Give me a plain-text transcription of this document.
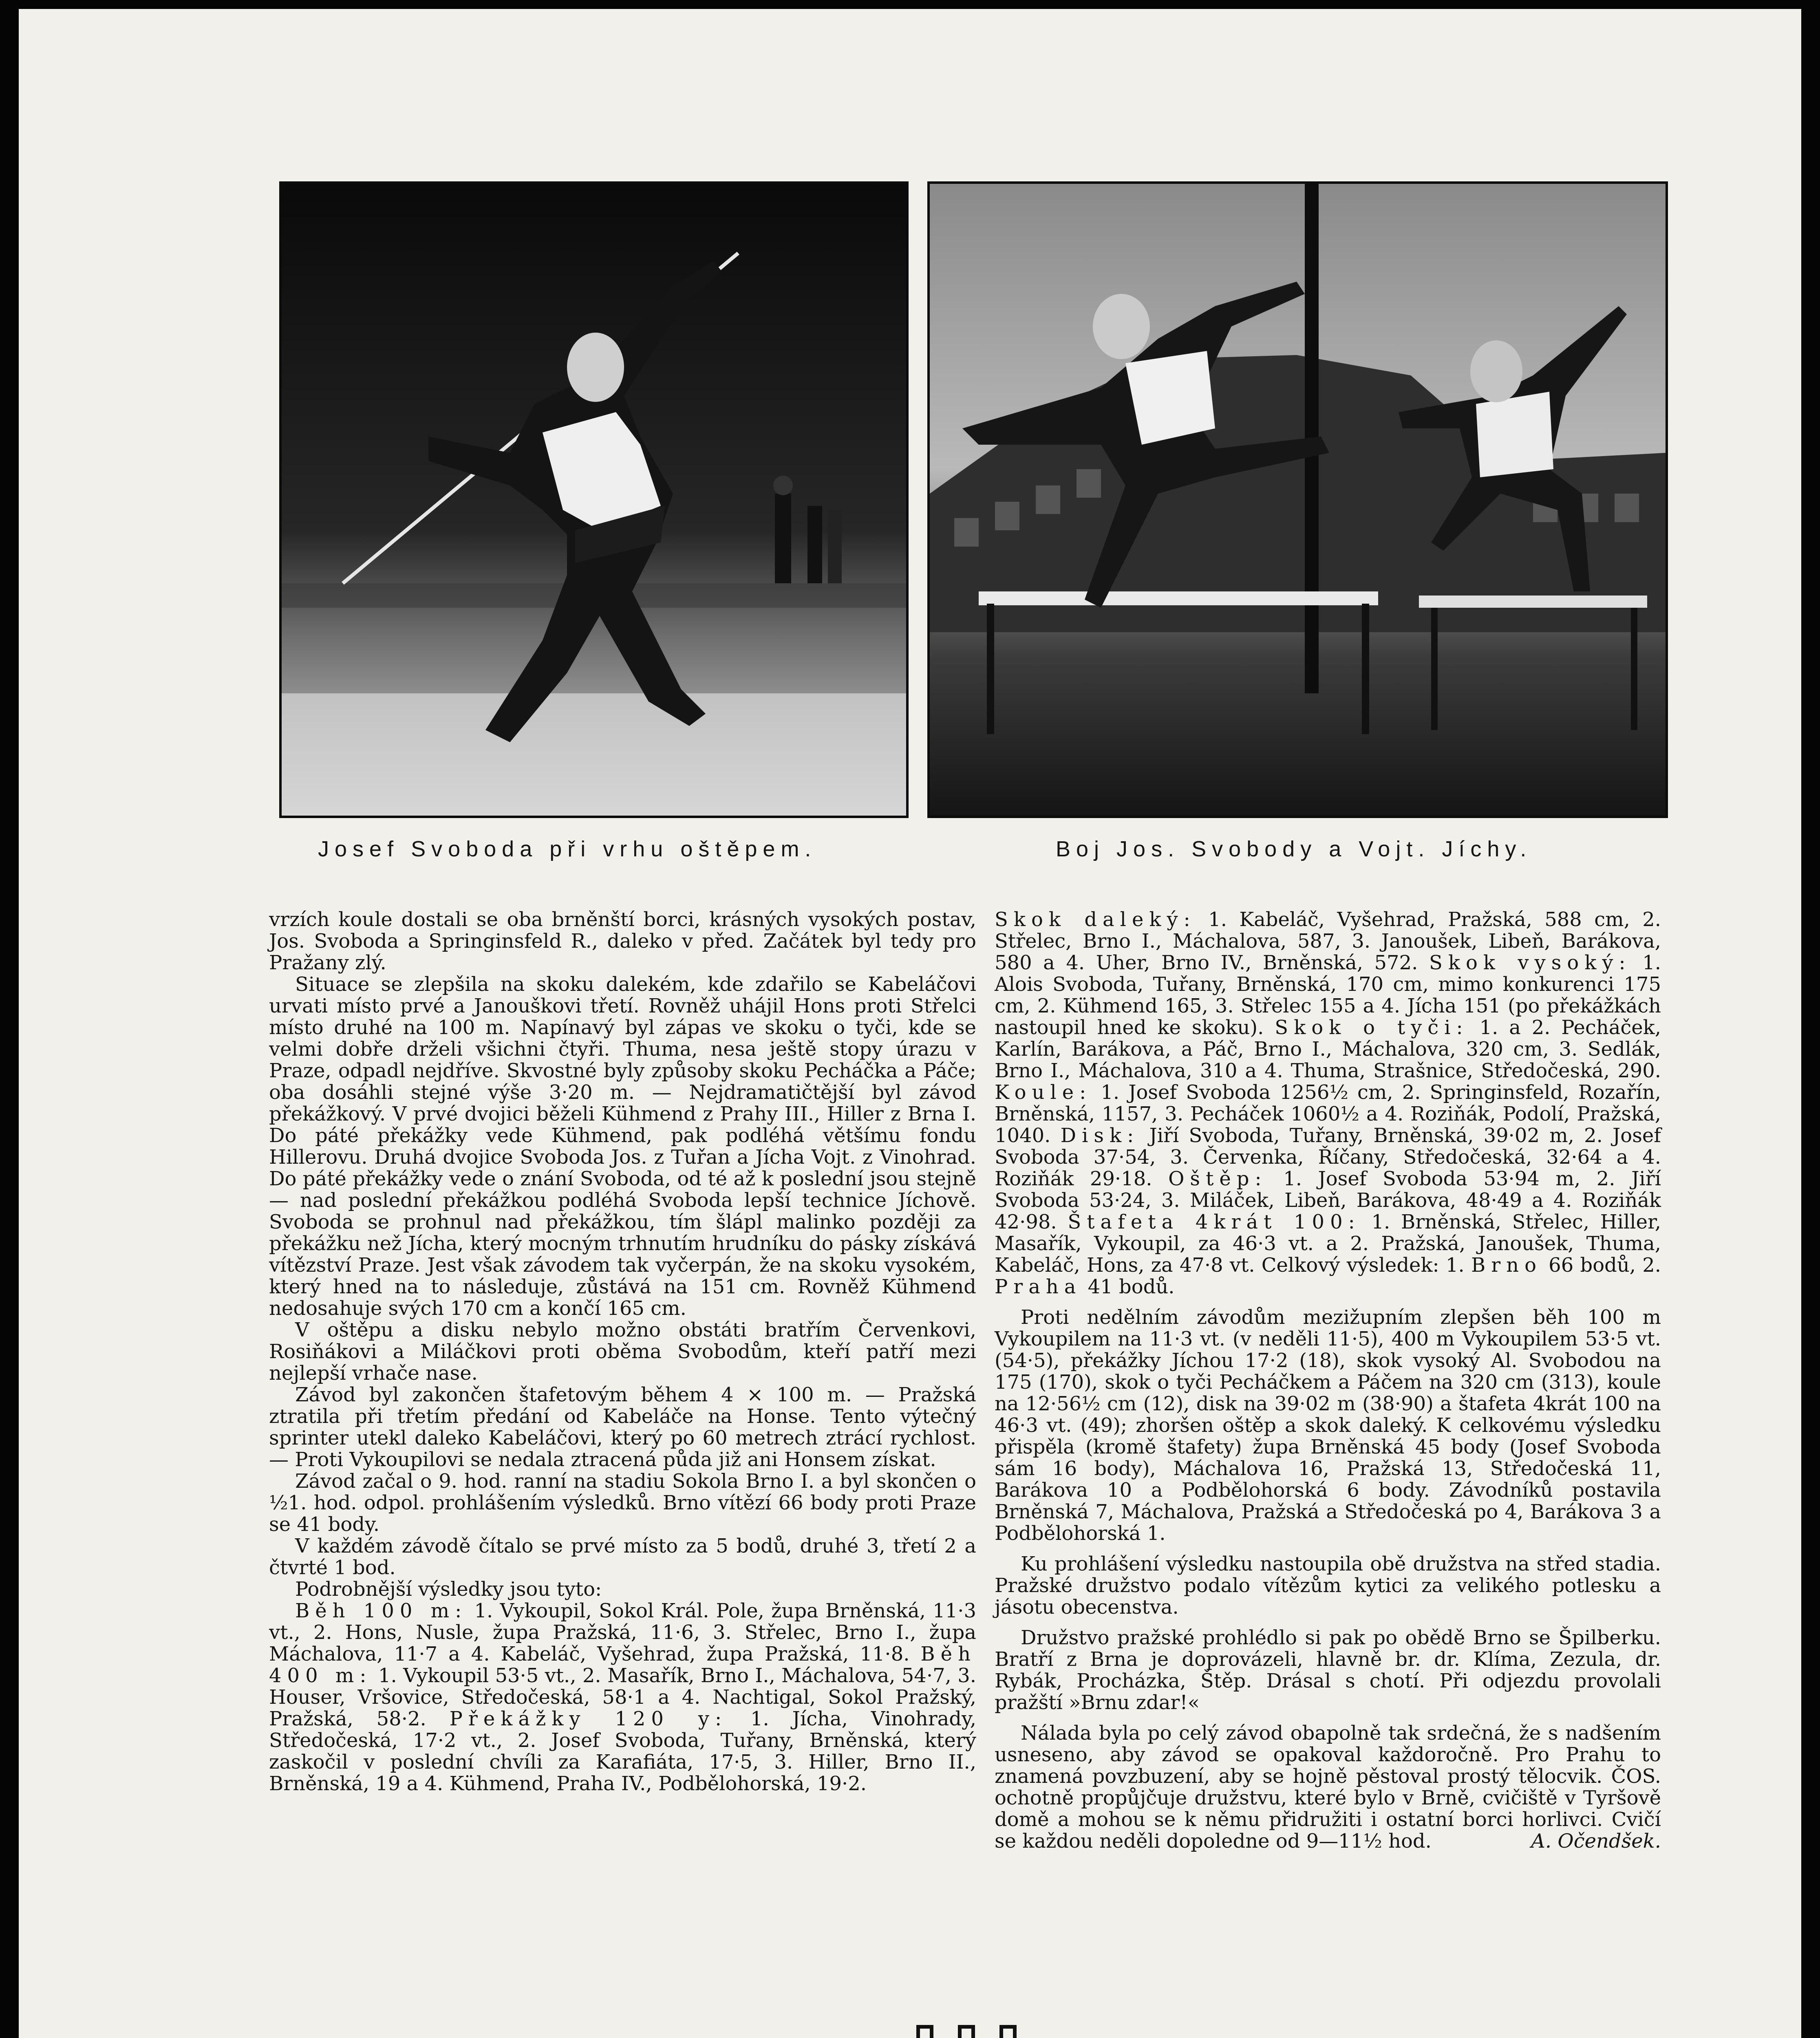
Josef Svoboda při vrhu oštěpem.	Boj Jos. Svobody a Vojt. Jíchy.

vrzích koule dostali se oba brněnští borci, krásných vysokých postav, Jos. Svoboda a Springinsfeld R., daleko v před. Začátek byl tedy pro Pražany zlý.

Situace se zlepšila na skoku dalekém, kde zdařilo se Kabeláčovi urvati místo prvé a Janouškovi třetí. Rovněž uhájil Hons proti Střelci místo druhé na 100 m. Napínavý byl zápas ve skoku o tyči, kde se velmi dobře drželi všichni čtyři. Thuma, nesa ještě stopy úrazu v Praze, odpadl nejdříve. Skvostné byly způsoby skoku Pecháčka a Páče; oba dosáhli stejné výše 3·20 m. — Nejdramatičtější byl závod překážkový. V prvé dvojici běželi Kühmend z Prahy III., Hiller z Brna I. Do páté překážky vede Kühmend, pak podléhá většímu fondu Hillerovu. Druhá dvojice Svoboda Jos. z Tuřan a Jícha Vojt. z Vinohrad. Do páté překážky vede o znání Svoboda, od té až k poslední jsou stejně — nad poslední překážkou podléhá Svoboda lepší technice Jíchově. Svoboda se prohnul nad překážkou, tím šlápl malinko později za překážku než Jícha, který mocným trhnutím hrudníku do pásky získává vítězství Praze. Jest však závodem tak vyčerpán, že na skoku vysokém, který hned na to následuje, zůstává na 151 cm. Rovněž Kühmend nedosahuje svých 170 cm a končí 165 cm.

V oštěpu a disku nebylo možno obstáti bratřím Červenkovi, Rosiňákovi a Miláčkovi proti oběma Svobodům, kteří patří mezi nejlepší vrhače nase.

Závod byl zakončen štafetovým během 4 × 100 m. — Pražská ztratila při třetím předání od Kabeláče na Honse. Tento výtečný sprinter utekl daleko Kabeláčovi, který po 60 metrech ztrácí rychlost. — Proti Vykoupilovi se nedala ztracená půda již ani Honsem získat.

Závod začal o 9. hod. ranní na stadiu Sokola Brno I. a byl skončen o ½1. hod. odpol. prohlášením výsledků. Brno vítězí 66 body proti Praze se 41 body.

V každém závodě čítalo se prvé místo za 5 bodů, druhé 3, třetí 2 a čtvrté 1 bod.

Podrobnější výsledky jsou tyto:

Běh 100 m: 1. Vykoupil, Sokol Král. Pole, župa Brněnská, 11·3 vt., 2. Hons, Nusle, župa Pražská, 11·6, 3. Střelec, Brno I., župa Máchalova, 11·7 a 4. Kabeláč, Vyšehrad, župa Pražská, 11·8. Běh 400 m: 1. Vykoupil 53·5 vt., 2. Masařík, Brno I., Máchalova, 54·7, 3. Houser, Vršovice, Středočeská, 58·1 a 4. Nachtigal, Sokol Pražský, Pražská, 58·2. Překážky 120 y: 1. Jícha, Vinohrady, Středočeská, 17·2 vt., 2. Josef Svoboda, Tuřany, Brněnská, který zaskočil v poslední chvíli za Karafiáta, 17·5, 3. Hiller, Brno II., Brněnská, 19 a 4. Kühmend, Praha IV., Podbělohorská, 19·2.

Skok daleký: 1. Kabeláč, Vyšehrad, Pražská, 588 cm, 2. Střelec, Brno I., Máchalova, 587, 3. Janoušek, Libeň, Barákova, 580 a 4. Uher, Brno IV., Brněnská, 572. Skok vysoký: 1. Alois Svoboda, Tuřany, Brněnská, 170 cm, mimo konkurenci 175 cm, 2. Kühmend 165, 3. Střelec 155 a 4. Jícha 151 (po překážkách nastoupil hned ke skoku). Skok o tyči: 1. a 2. Pecháček, Karlín, Barákova, a Páč, Brno I., Máchalova, 320 cm, 3. Sedlák, Brno I., Máchalova, 310 a 4. Thuma, Strašnice, Středočeská, 290. Koule: 1. Josef Svoboda 1256½ cm, 2. Springinsfeld, Rozařín, Brněnská, 1157, 3. Pecháček 1060½ a 4. Roziňák, Podolí, Pražská, 1040. Disk: Jiří Svoboda, Tuřany, Brněnská, 39·02 m, 2. Josef Svoboda 37·54, 3. Červenka, Říčany, Středočeská, 32·64 a 4. Roziňák 29·18. Oštěp: 1. Josef Svoboda 53·94 m, 2. Jiří Svoboda 53·24, 3. Miláček, Libeň, Barákova, 48·49 a 4. Roziňák 42·98. Štafeta 4krát 100: 1. Brněnská, Střelec, Hiller, Masařík, Vykoupil, za 46·3 vt. a 2. Pražská, Janoušek, Thuma, Kabeláč, Hons, za 47·8 vt. Celkový výsledek: 1. Brno 66 bodů, 2. Praha 41 bodů.

Proti nedělním závodům mezižupním zlepšen běh 100 m Vykoupilem na 11·3 vt. (v neděli 11·5), 400 m Vykoupilem 53·5 vt. (54·5), překážky Jíchou 17·2 (18), skok vysoký Al. Svobodou na 175 (170), skok o tyči Pecháčkem a Páčem na 320 cm (313), koule na 12·56½ cm (12), disk na 39·02 m (38·90) a štafeta 4krát 100 na 46·3 vt. (49); zhoršen oštěp a skok daleký. K celkovému výsledku přispěla (kromě štafety) župa Brněnská 45 body (Josef Svoboda sám 16 body), Máchalova 16, Pražská 13, Středočeská 11, Barákova 10 a Podbělohorská 6 body. Závodníků postavila Brněnská 7, Máchalova, Pražská a Středočeská po 4, Barákova 3 a Podbělohorská 1.

Ku prohlášení výsledku nastoupila obě družstva na střed stadia. Pražské družstvo podalo vítězům kytici za velikého potlesku a jásotu obecenstva.

Družstvo pražské prohlédlo si pak po obědě Brno se Špilberku. Bratří z Brna je doprovázeli, hlavně br. dr. Klíma, Zezula, dr. Rybák, Procházka, Štěp. Drásal s chotí. Při odjezdu provolali pražští »Brnu zdar!«

Nálada byla po celý závod obapolně tak srdečná, že s nadšením usneseno, aby závod se opakoval každoročně. Pro Prahu to znamená povzbuzení, aby se hojně pěstoval prostý tělocvik. ČOS. ochotně propůjčuje družstvu, které bylo v Brně, cvičiště v Tyršově domě a mohou se k němu přidružiti i ostatní borci horlivci. Cvičí se každou neděli dopoledne od 9—11½ hod.	A. Očendšek.
